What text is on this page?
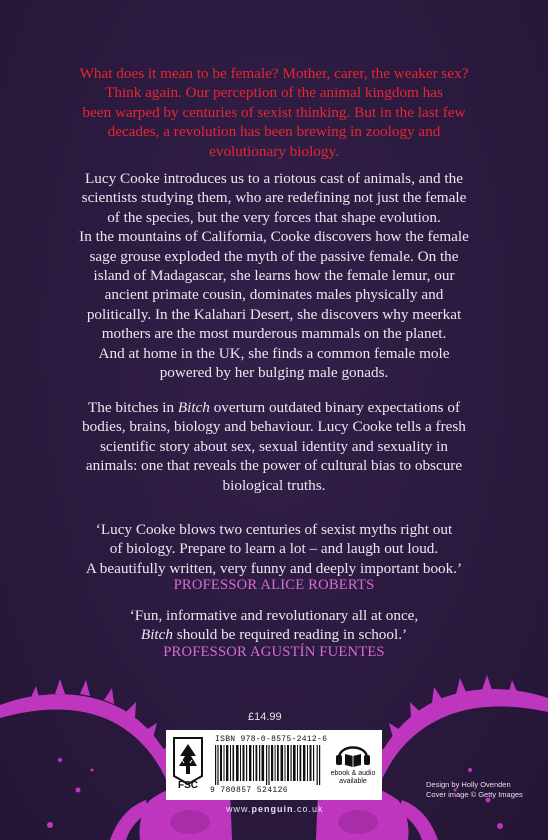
What does it mean to be female? Mother, carer, the weaker sex?
Think again. Our perception of the animal kingdom has
been warped by centuries of sexist thinking. But in the last few
decades, a revolution has been brewing in zoology and
evolutionary biology.

Lucy Cooke introduces us to a riotous cast of animals, and the
scientists studying them, who are redefining not just the female
of the species, but the very forces that shape evolution.
In the mountains of California, Cooke discovers how the female
sage grouse exploded the myth of the passive female. On the
island of Madagascar, she learns how the female lemur, our
ancient primate cousin, dominates males physically and
politically. In the Kalahari Desert, she discovers why meerkat
mothers are the most murderous mammals on the planet.
And at home in the UK, she finds a common female mole
powered by her bulging male gonads.

The bitches in Bitch overturn outdated binary expectations of
bodies, brains, biology and behaviour. Lucy Cooke tells a fresh
scientific story about sex, sexual identity and sexuality in
animals: one that reveals the power of cultural bias to obscure
biological truths.

‘Lucy Cooke blows two centuries of sexist myths right out
of biology. Prepare to learn a lot – and laugh out loud.
A beautifully written, very funny and deeply important book.’

PROFESSOR ALICE ROBERTS

‘Fun, informative and revolutionary all at once,
Bitch should be required reading in school.’

PROFESSOR AGUSTÍN FUENTES

£14.99
FSC
ISBN 978-0-8575-2412-6
9 780857 524126
ebook & audio
available
www.penguin.co.uk
Design by Holly Ovenden
Cover image © Getty Images
